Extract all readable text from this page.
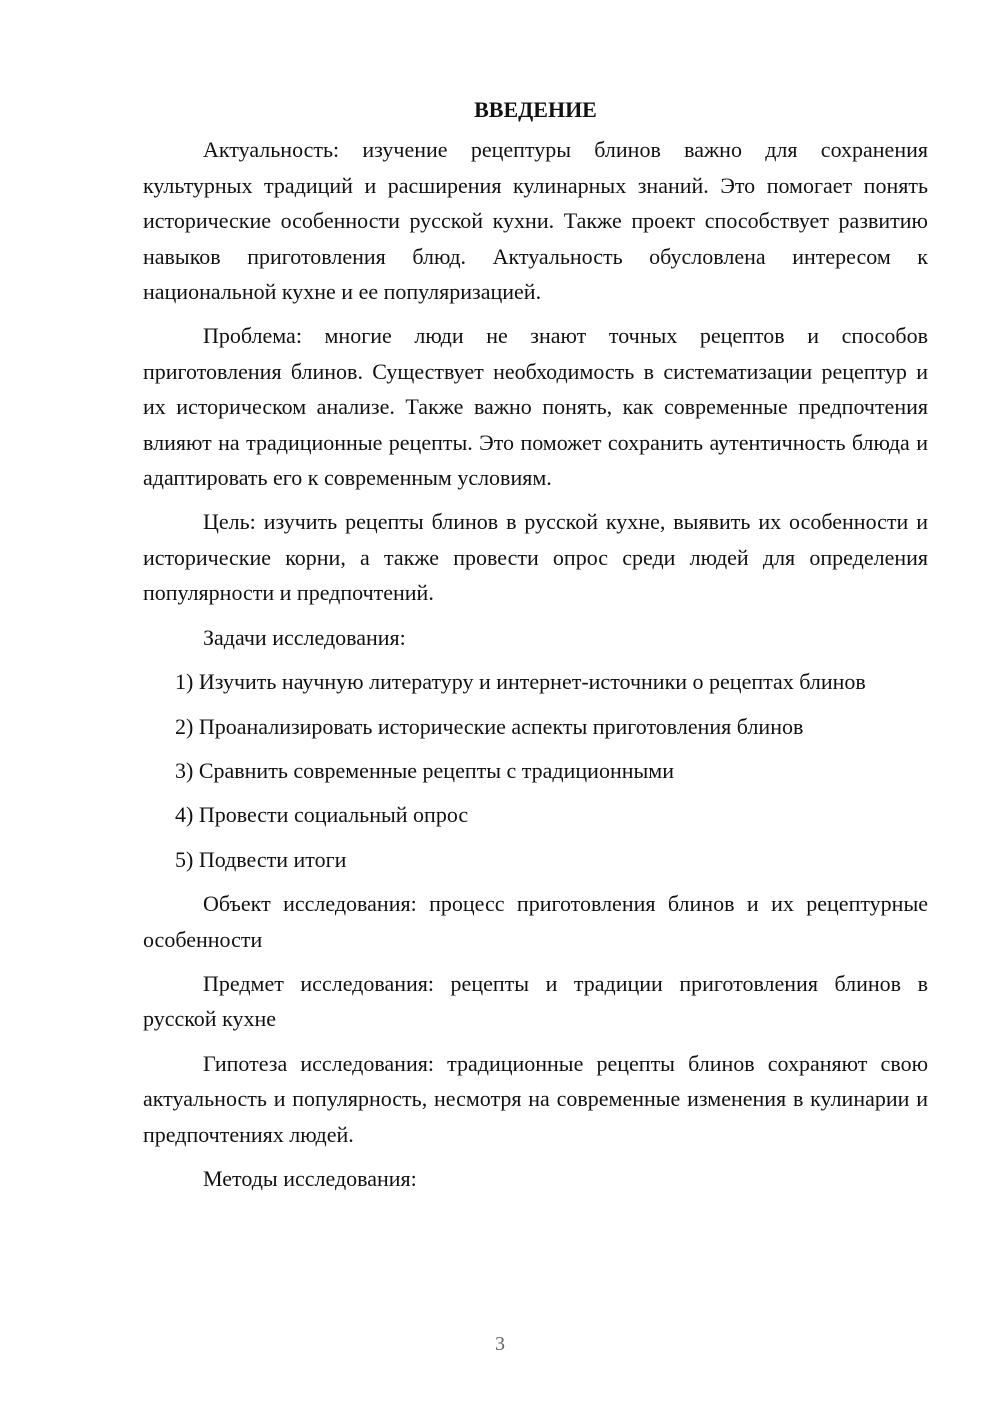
ВВЕДЕНИЕ

Актуальность: изучение рецептуры блинов важно для сохранения культурных традиций и расширения кулинарных знаний. Это помогает понять исторические особенности русской кухни. Также проект способствует развитию навыков приготовления блюд. Актуальность обусловлена интересом к национальной кухне и ее популяризацией.

Проблема: многие люди не знают точных рецептов и способов приготовления блинов. Существует необходимость в систематизации рецептур и их историческом анализе. Также важно понять, как современные предпочтения влияют на традиционные рецепты. Это поможет сохранить аутентичность блюда и адаптировать его к современным условиям.

Цель: изучить рецепты блинов в русской кухне, выявить их особенности и исторические корни, а также провести опрос среди людей для определения популярности и предпочтений.

Задачи исследования:

1) Изучить научную литературу и интернет-источники о рецептах блинов

2) Проанализировать исторические аспекты приготовления блинов

3) Сравнить современные рецепты с традиционными

4) Провести социальный опрос

5) Подвести итоги

Объект исследования: процесс приготовления блинов и их рецептурные особенности

Предмет исследования: рецепты и традиции приготовления блинов в русской кухне

Гипотеза исследования: традиционные рецепты блинов сохраняют свою актуальность и популярность, несмотря на современные изменения в кулинарии и предпочтениях людей.

Методы исследования:

3
